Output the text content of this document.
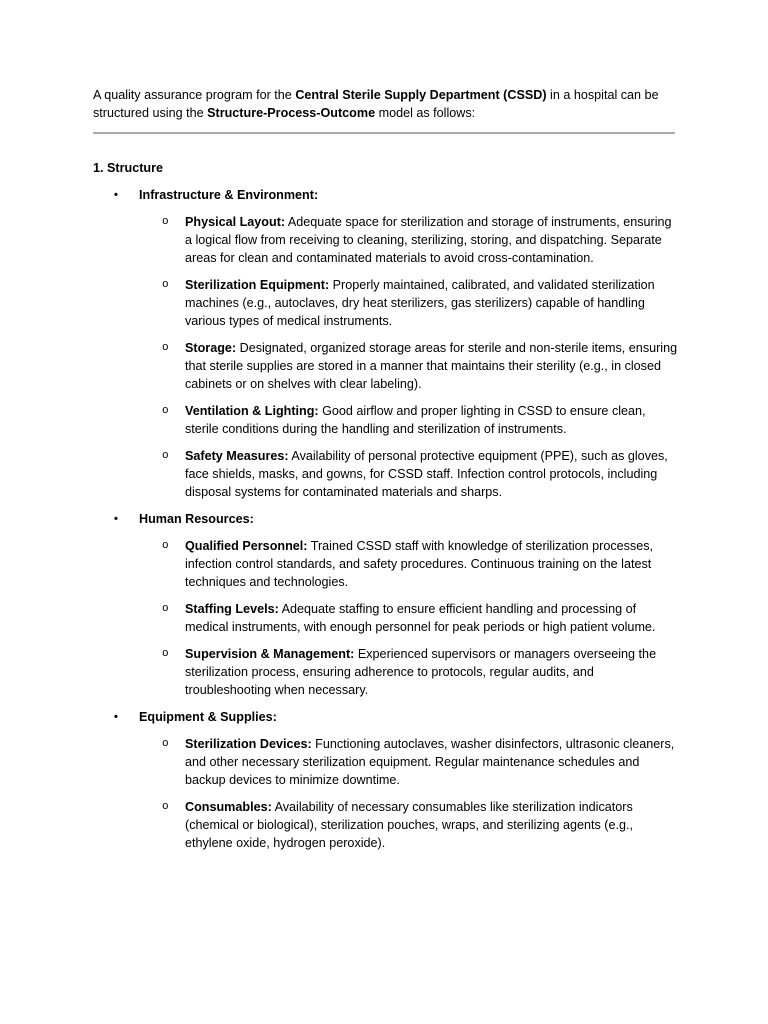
A quality assurance program for the Central Sterile Supply Department (CSSD) in a hospital can be structured using the Structure-Process-Outcome model as follows:

1. Structure
• Infrastructure & Environment:
o Physical Layout: Adequate space for sterilization and storage of instruments, ensuring a logical flow from receiving to cleaning, sterilizing, storing, and dispatching. Separate areas for clean and contaminated materials to avoid cross-contamination.
o Sterilization Equipment: Properly maintained, calibrated, and validated sterilization machines (e.g., autoclaves, dry heat sterilizers, gas sterilizers) capable of handling various types of medical instruments.
o Storage: Designated, organized storage areas for sterile and non-sterile items, ensuring that sterile supplies are stored in a manner that maintains their sterility (e.g., in closed cabinets or on shelves with clear labeling).
o Ventilation & Lighting: Good airflow and proper lighting in CSSD to ensure clean, sterile conditions during the handling and sterilization of instruments.
o Safety Measures: Availability of personal protective equipment (PPE), such as gloves, face shields, masks, and gowns, for CSSD staff. Infection control protocols, including disposal systems for contaminated materials and sharps.
• Human Resources:
o Qualified Personnel: Trained CSSD staff with knowledge of sterilization processes, infection control standards, and safety procedures. Continuous training on the latest techniques and technologies.
o Staffing Levels: Adequate staffing to ensure efficient handling and processing of medical instruments, with enough personnel for peak periods or high patient volume.
o Supervision & Management: Experienced supervisors or managers overseeing the sterilization process, ensuring adherence to protocols, regular audits, and troubleshooting when necessary.
• Equipment & Supplies:
o Sterilization Devices: Functioning autoclaves, washer disinfectors, ultrasonic cleaners, and other necessary sterilization equipment. Regular maintenance schedules and backup devices to minimize downtime.
o Consumables: Availability of necessary consumables like sterilization indicators (chemical or biological), sterilization pouches, wraps, and sterilizing agents (e.g., ethylene oxide, hydrogen peroxide).
